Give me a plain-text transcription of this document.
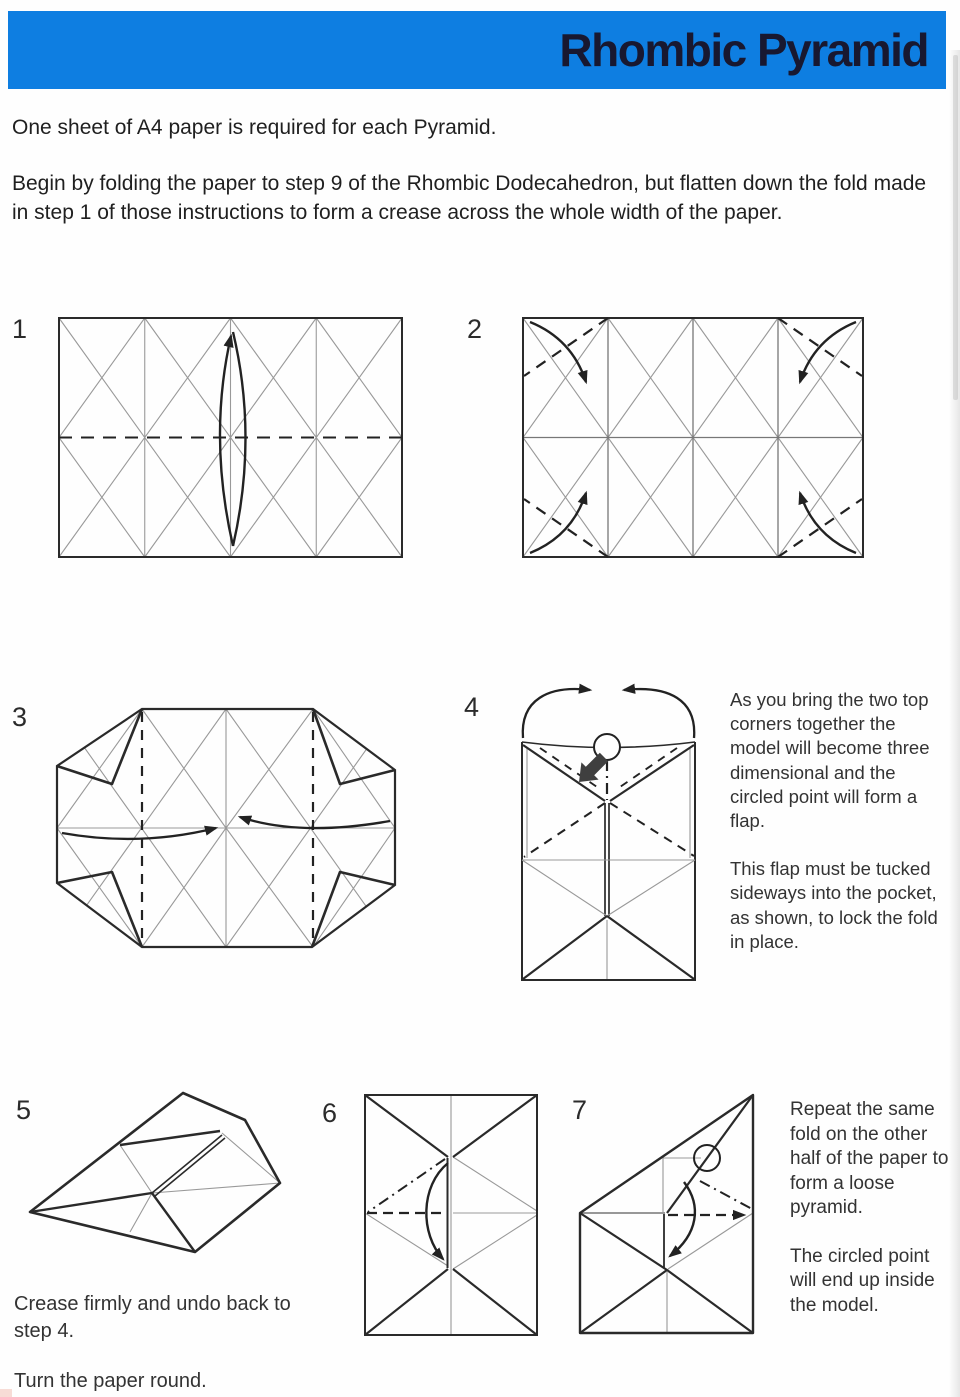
Rhombic Pyramid
One sheet of A4 paper is required for each Pyramid.
Begin by folding the paper to step 9 of the Rhombic Dodecahedron, but flatten down the fold made in step 1 of those instructions to form a crease across the whole width of the paper.
1	2
3	4
5	6	7

As you bring the two top corners together the model will become three dimensional and the circled point will form a flap.

This flap must be tucked sideways into the pocket, as shown, to lock the fold in place.

Crease firmly and undo back to step 4.

Turn the paper round.

Repeat the same fold on the other half of the paper to form a loose pyramid.

The circled point will end up inside the model.
